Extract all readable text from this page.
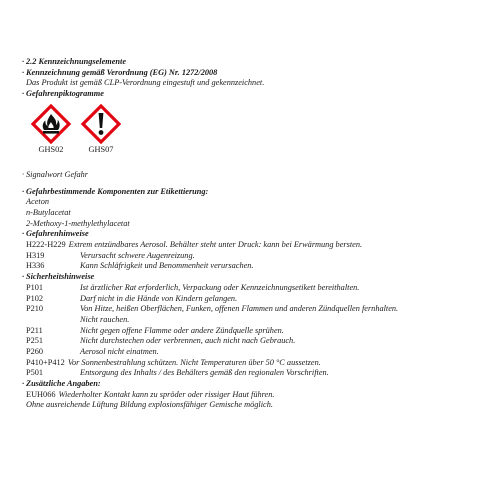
· 2.2 Kennzeichnungselemente
· Kennzeichnung gemäß Verordnung (EG) Nr. 1272/2008
Das Produkt ist gemäß CLP-Verordnung eingestuft und gekennzeichnet.
· Gefahrenpiktogramme
GHS02	GHS07
· Signalwort Gefahr
· Gefahrbestimmende Komponenten zur Etikettierung:
Aceton
n-Butylacetat
2-Methoxy-1-methylethylacetat
· Gefahrenhinweise
H222-H229 Extrem entzündbares Aerosol. Behälter steht unter Druck: kann bei Erwärmung bersten.
H319	Verursacht schwere Augenreizung.
H336	Kann Schläfrigkeit und Benommenheit verursachen.
· Sicherheitshinweise
P101	Ist ärztlicher Rat erforderlich, Verpackung oder Kennzeichnungsetikett bereithalten.
P102	Darf nicht in die Hände von Kindern gelangen.
P210	Von Hitze, heißen Oberflächen, Funken, offenen Flammen und anderen Zündquellen fernhalten.
Nicht rauchen.
P211	Nicht gegen offene Flamme oder andere Zündquelle sprühen.
P251	Nicht durchstechen oder verbrennen, auch nicht nach Gebrauch.
P260	Aerosol nicht einatmen.
P410+P412 Vor Sonnenbestrahlung schützen. Nicht Temperaturen über 50 °C aussetzen.
P501	Entsorgung des Inhalts / des Behälters gemäß den regionalen Vorschriften.
· Zusätzliche Angaben:
EUH066 Wiederholter Kontakt kann zu spröder oder rissiger Haut führen.
Ohne ausreichende Lüftung Bildung explosionsfähiger Gemische möglich.
